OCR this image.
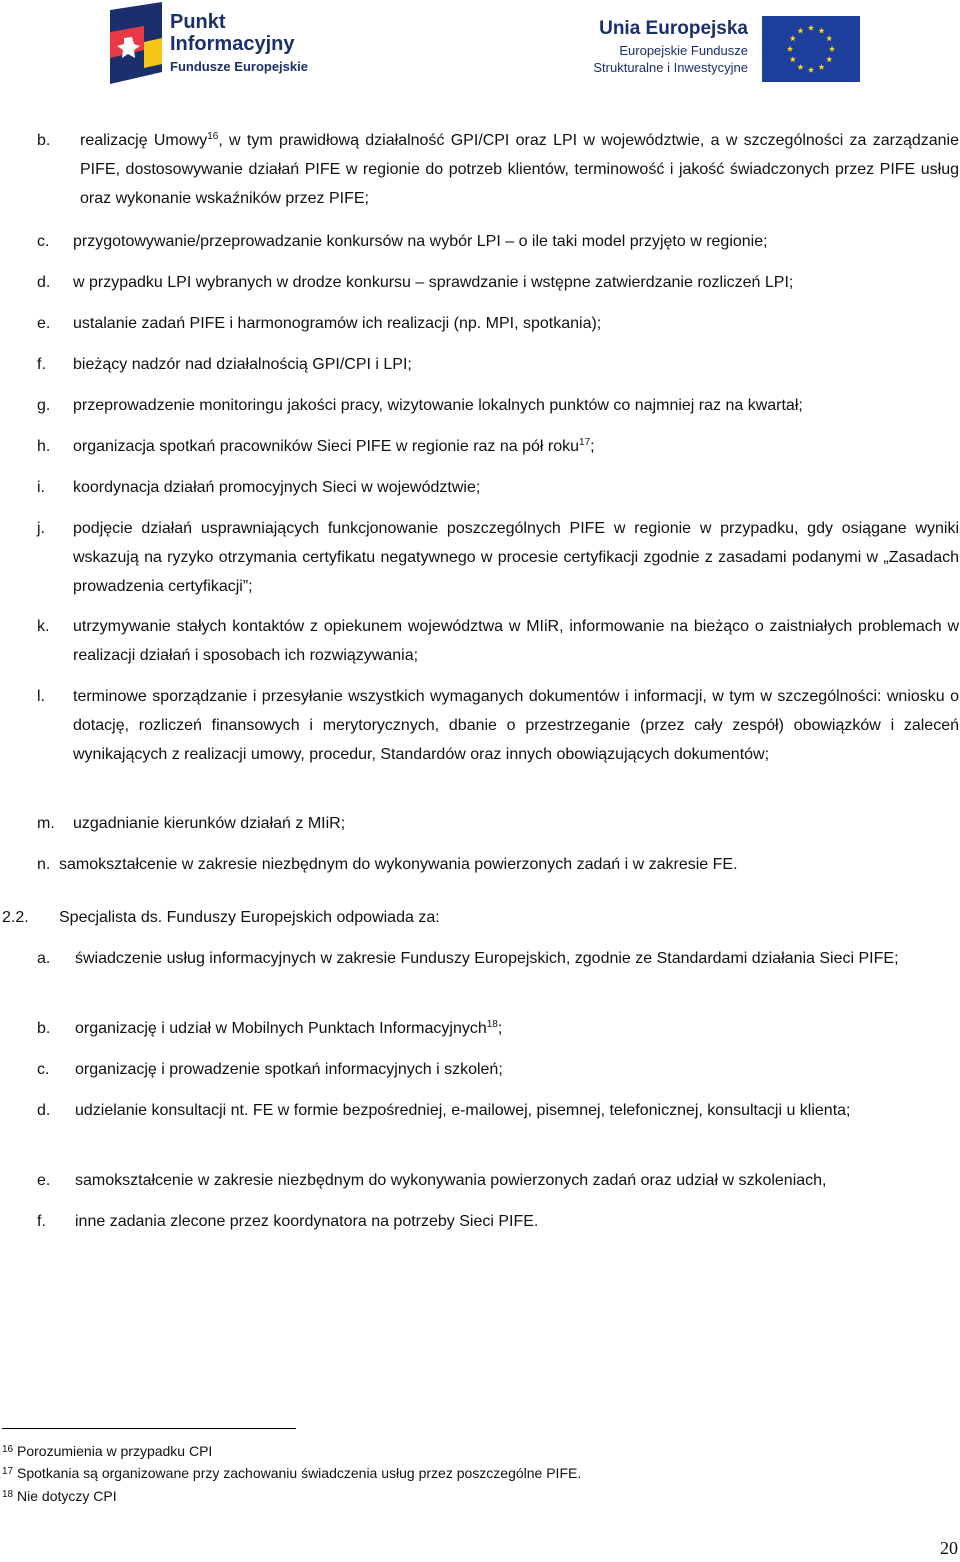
Punkt
Informacyjny
Fundusze Europejskie
Unia Europejska
Europejskie Fundusze
Strukturalne i Inwestycyjne
b. realizację Umowy$^{16}$, w tym prawidłową działalność GPI/CPI oraz LPI w województwie, a w szczególności za zarządzanie PIFE, dostosowywanie działań PIFE w regionie do potrzeb klientów, terminowość i jakość świadczonych przez PIFE usług oraz wykonanie wskaźników przez PIFE;
c. przygotowywanie/przeprowadzanie konkursów na wybór LPI – o ile taki model przyjęto w regionie;
d. w przypadku LPI wybranych w drodze konkursu – sprawdzanie i wstępne zatwierdzanie rozliczeń LPI;
e. ustalanie zadań PIFE i harmonogramów ich realizacji (np. MPI, spotkania);
f. bieżący nadzór nad działalnością GPI/CPI i LPI;
g. przeprowadzenie monitoringu jakości pracy, wizytowanie lokalnych punktów co najmniej raz na kwartał;
h. organizacja spotkań pracowników Sieci PIFE w regionie raz na pół roku$^{17}$;
i. koordynacja działań promocyjnych Sieci w województwie;
j. podjęcie działań usprawniających funkcjonowanie poszczególnych PIFE w regionie w przypadku, gdy osiągane wyniki wskazują na ryzyko otrzymania certyfikatu negatywnego w procesie certyfikacji zgodnie z zasadami podanymi w „Zasadach prowadzenia certyfikacji”;
k. utrzymywanie stałych kontaktów z opiekunem województwa w MIiR, informowanie na bieżąco o zaistniałych problemach w realizacji działań i sposobach ich rozwiązywania;
l. terminowe sporządzanie i przesyłanie wszystkich wymaganych dokumentów i informacji, w tym w szczególności: wniosku o dotację, rozliczeń finansowych i merytorycznych, dbanie o przestrzeganie (przez cały zespół) obowiązków i zaleceń wynikających z realizacji umowy, procedur, Standardów oraz innych obowiązujących dokumentów;
m. uzgadnianie kierunków działań z MIiR;
n. samokształcenie w zakresie niezbędnym do wykonywania powierzonych zadań i w zakresie FE.
2.2. Specjalista ds. Funduszy Europejskich odpowiada za:
a. świadczenie usług informacyjnych w zakresie Funduszy Europejskich, zgodnie ze Standardami działania Sieci PIFE;
b. organizację i udział w Mobilnych Punktach Informacyjnych$^{18}$;
c. organizację i prowadzenie spotkań informacyjnych i szkoleń;
d. udzielanie konsultacji nt. FE w formie bezpośredniej, e-mailowej, pisemnej, telefonicznej, konsultacji u klienta;
e. samokształcenie w zakresie niezbędnym do wykonywania powierzonych zadań oraz udział w szkoleniach,
f. inne zadania zlecone przez koordynatora na potrzeby Sieci PIFE.
$^{16}$ Porozumienia w przypadku CPI
$^{17}$ Spotkania są organizowane przy zachowaniu świadczenia usług przez poszczególne PIFE.
$^{18}$ Nie dotyczy CPI
20
